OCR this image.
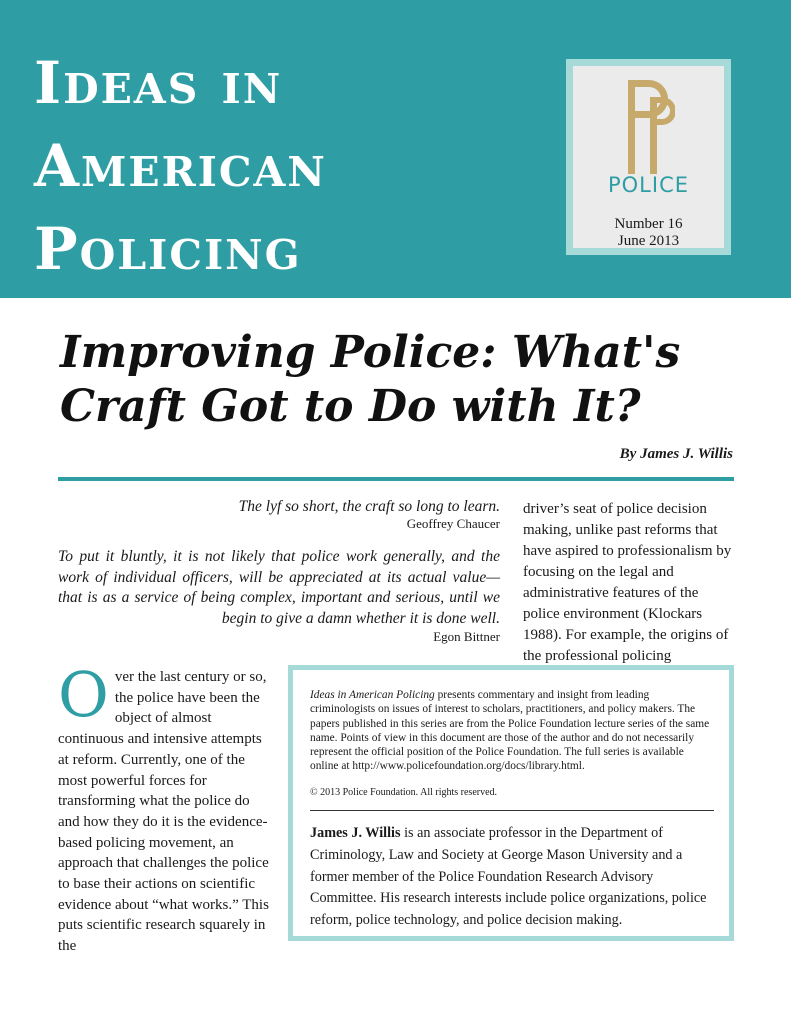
Ideas in
American
Policing
POLICE
Number 16
June 2013
Improving Police: What's
Craft Got to Do with It?
By James J. Willis
The lyf so short, the craft so long to learn.
Geoffrey Chaucer
To put it bluntly, it is not likely that police work generally, and the work of individual officers, will be appreciated at its actual value—that is as a service of being complex, important and serious, until we begin to give a damn whether it is done well.
Egon Bittner

driver’s seat of police decision making, unlike past reforms that have aspired to professionalism by focusing on the legal and administrative features of the police environment (Klockars 1988). For example, the origins of the professional policing

Over the last century or so, the police have been the object of almost continuous and intensive attempts at reform. Currently, one of the most powerful forces for transforming what the police do and how they do it is the evidence-based policing movement, an approach that challenges the police to base their actions on scientific evidence about “what works.” This puts scientific research squarely in the

Ideas in American Policing presents commentary and insight from leading criminologists on issues of interest to scholars, practitioners, and policy makers. The papers published in this series are from the Police Foundation lecture series of the same name. Points of view in this document are those of the author and do not necessarily represent the official position of the Police Foundation. The full series is available online at http://www.policefoundation.org/docs/library.html.

© 2013 Police Foundation. All rights reserved.

James J. Willis is an associate professor in the Department of Criminology, Law and Society at George Mason University and a former member of the Police Foundation Research Advisory Committee. His research interests include police organizations, police reform, police technology, and police decision making.
